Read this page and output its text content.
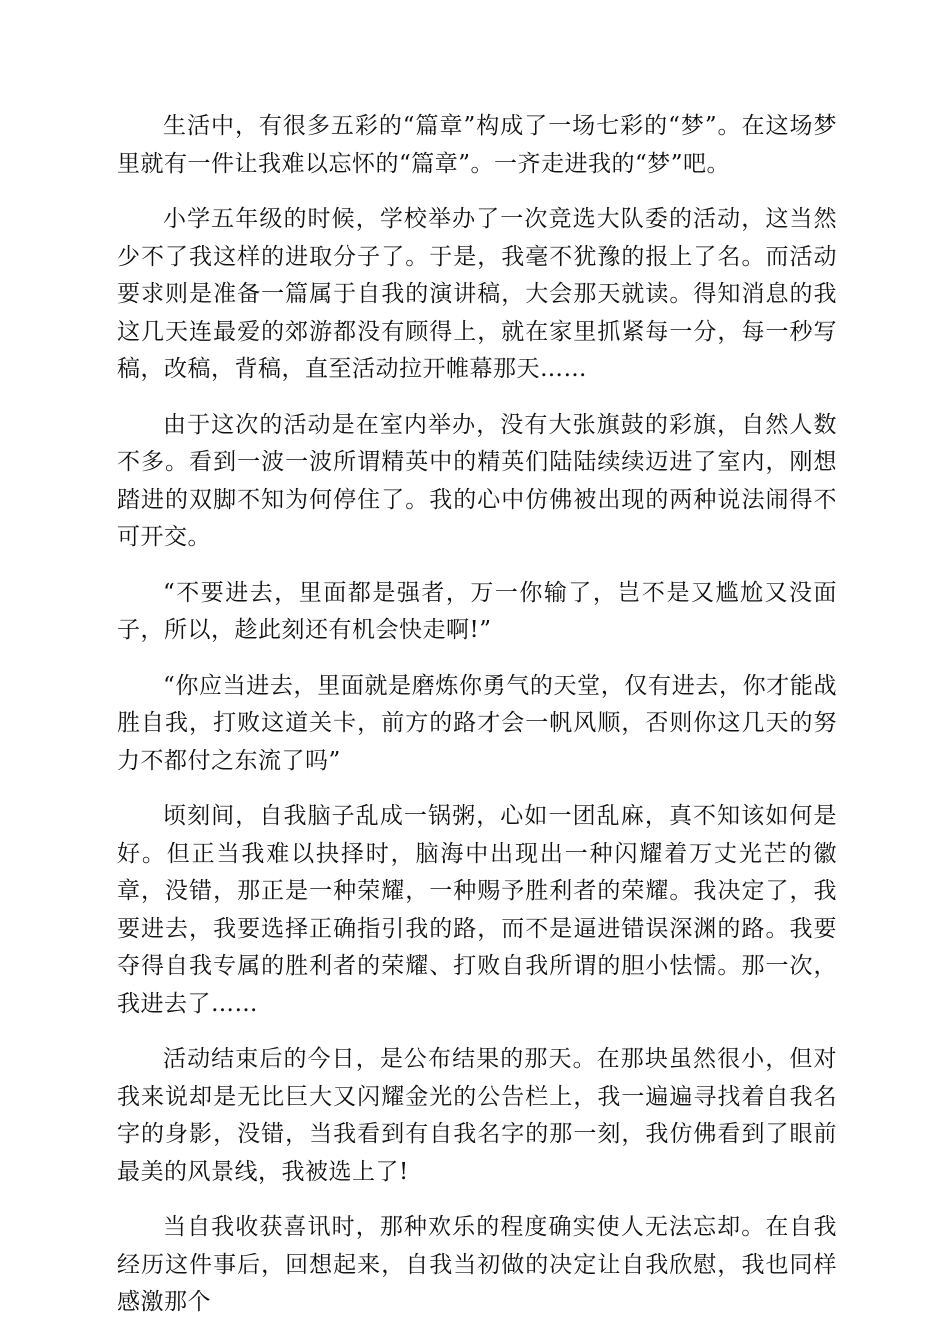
生活中，有很多五彩的“篇章”构成了一场七彩的“梦”。在这场梦里就有一件让我难以忘怀的“篇章”。一齐走进我的“梦”吧。

小学五年级的时候，学校举办了一次竞选大队委的活动，这当然少不了我这样的进取分子了。于是，我毫不犹豫的报上了名。而活动要求则是准备一篇属于自我的演讲稿，大会那天就读。得知消息的我这几天连最爱的郊游都没有顾得上，就在家里抓紧每一分，每一秒写稿，改稿，背稿，直至活动拉开帷幕那天……

由于这次的活动是在室内举办，没有大张旗鼓的彩旗，自然人数不多。看到一波一波所谓精英中的精英们陆陆续续迈进了室内，刚想踏进的双脚不知为何停住了。我的心中仿佛被出现的两种说法闹得不可开交。

“不要进去，里面都是强者，万一你输了，岂不是又尴尬又没面子，所以，趁此刻还有机会快走啊!”

“你应当进去，里面就是磨炼你勇气的天堂，仅有进去，你才能战胜自我，打败这道关卡，前方的路才会一帆风顺，否则你这几天的努力不都付之东流了吗”

顷刻间，自我脑子乱成一锅粥，心如一团乱麻，真不知该如何是好。但正当我难以抉择时，脑海中出现出一种闪耀着万丈光芒的徽章，没错，那正是一种荣耀，一种赐予胜利者的荣耀。我决定了，我要进去，我要选择正确指引我的路，而不是逼进错误深渊的路。我要夺得自我专属的胜利者的荣耀、打败自我所谓的胆小怯懦。那一次，我进去了……

活动结束后的今日，是公布结果的那天。在那块虽然很小，但对我来说却是无比巨大又闪耀金光的公告栏上，我一遍遍寻找着自我名字的身影，没错，当我看到有自我名字的那一刻，我仿佛看到了眼前最美的风景线，我被选上了!

当自我收获喜讯时，那种欢乐的程度确实使人无法忘却。在自我经历这件事后，回想起来，自我当初做的决定让自我欣慰，我也同样感激那个
